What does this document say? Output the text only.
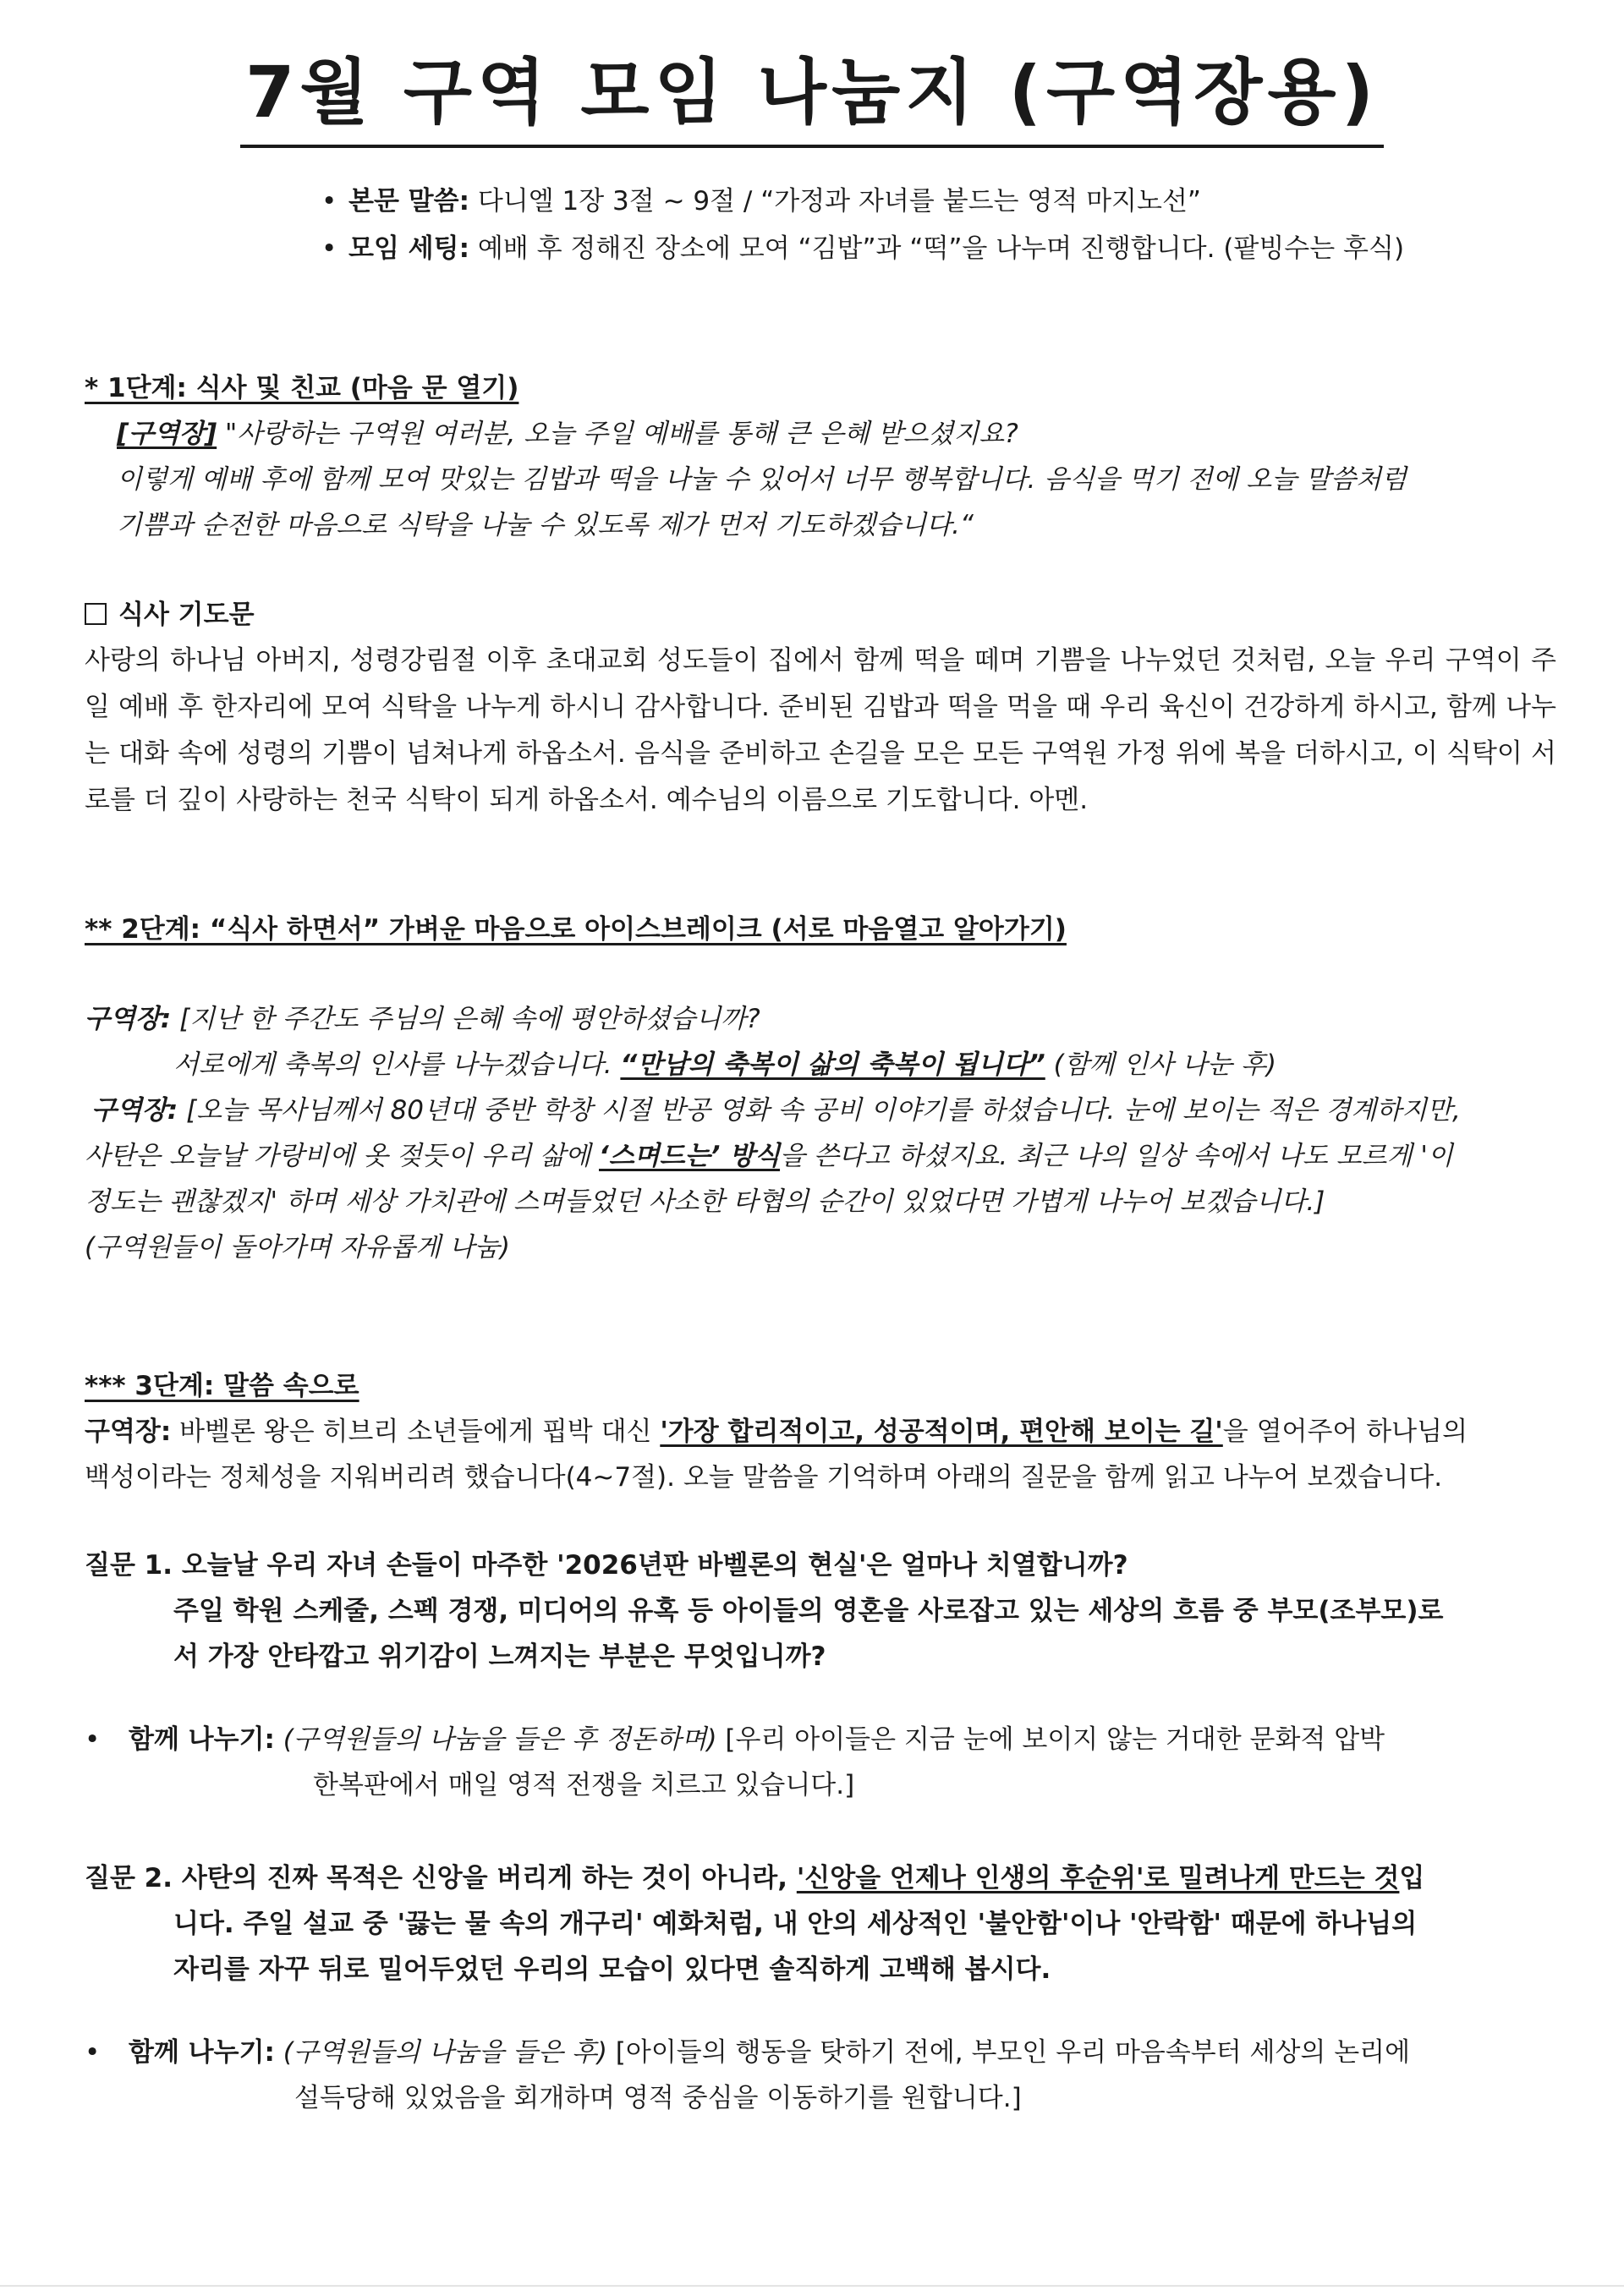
7월 구역 모임 나눔지 (구역장용)
• 본문 말씀: 다니엘 1장 3절 ~ 9절 / “가정과 자녀를 붙드는 영적 마지노선”
• 모임 세팅: 예배 후 정해진 장소에 모여 “김밥”과 “떡”을 나누며 진행합니다. (팥빙수는 후식)
* 1단계: 식사 및 친교 (마음 문 열기)
[구역장] "사랑하는 구역원 여러분, 오늘 주일 예배를 통해 큰 은혜 받으셨지요?
이렇게 예배 후에 함께 모여 맛있는 김밥과 떡을 나눌 수 있어서 너무 행복합니다. 음식을 먹기 전에 오늘 말씀처럼
기쁨과 순전한 마음으로 식탁을 나눌 수 있도록 제가 먼저 기도하겠습니다.“
식사 기도문
사랑의 하나님 아버지, 성령강림절 이후 초대교회 성도들이 집에서 함께 떡을 떼며 기쁨을 나누었던 것처럼, 오늘 우리 구역이 주일 예배 후 한자리에 모여 식탁을 나누게 하시니 감사합니다. 준비된 김밥과 떡을 먹을 때 우리 육신이 건강하게 하시고, 함께 나누는 대화 속에 성령의 기쁨이 넘쳐나게 하옵소서. 음식을 준비하고 손길을 모은 모든 구역원 가정 위에 복을 더하시고, 이 식탁이 서로를 더 깊이 사랑하는 천국 식탁이 되게 하옵소서. 예수님의 이름으로 기도합니다. 아멘.
** 2단계: “식사 하면서” 가벼운 마음으로 아이스브레이크 (서로 마음열고 알아가기)
구역장: [지난 한 주간도 주님의 은혜 속에 평안하셨습니까?
서로에게 축복의 인사를 나누겠습니다. “만남의 축복이 삶의 축복이 됩니다” (함께 인사 나눈 후)
구역장: [오늘 목사님께서 80년대 중반 학창 시절 반공 영화 속 공비 이야기를 하셨습니다. 눈에 보이는 적은 경계하지만,
사탄은 오늘날 가랑비에 옷 젖듯이 우리 삶에 ‘스며드는’ 방식을 쓴다고 하셨지요. 최근 나의 일상 속에서 나도 모르게 '이
정도는 괜찮겠지' 하며 세상 가치관에 스며들었던 사소한 타협의 순간이 있었다면 가볍게 나누어 보겠습니다.]
(구역원들이 돌아가며 자유롭게 나눔)
*** 3단계: 말씀 속으로
구역장: 바벨론 왕은 히브리 소년들에게 핍박 대신 '가장 합리적이고, 성공적이며, 편안해 보이는 길'을 열어주어 하나님의
백성이라는 정체성을 지워버리려 했습니다(4~7절). 오늘 말씀을 기억하며 아래의 질문을 함께 읽고 나누어 보겠습니다.
질문 1. 오늘날 우리 자녀 손들이 마주한 '2026년판 바벨론의 현실'은 얼마나 치열합니까?
주일 학원 스케줄, 스펙 경쟁, 미디어의 유혹 등 아이들의 영혼을 사로잡고 있는 세상의 흐름 중 부모(조부모)로
서 가장 안타깝고 위기감이 느껴지는 부분은 무엇입니까?
• 함께 나누기: (구역원들의 나눔을 들은 후 정돈하며) [우리 아이들은 지금 눈에 보이지 않는 거대한 문화적 압박
한복판에서 매일 영적 전쟁을 치르고 있습니다.]
질문 2. 사탄의 진짜 목적은 신앙을 버리게 하는 것이 아니라, '신앙을 언제나 인생의 후순위'로 밀려나게 만드는 것입
니다. 주일 설교 중 '끓는 물 속의 개구리' 예화처럼, 내 안의 세상적인 '불안함'이나 '안락함' 때문에 하나님의
자리를 자꾸 뒤로 밀어두었던 우리의 모습이 있다면 솔직하게 고백해 봅시다.
• 함께 나누기: (구역원들의 나눔을 들은 후) [아이들의 행동을 탓하기 전에, 부모인 우리 마음속부터 세상의 논리에
설득당해 있었음을 회개하며 영적 중심을 이동하기를 원합니다.]
